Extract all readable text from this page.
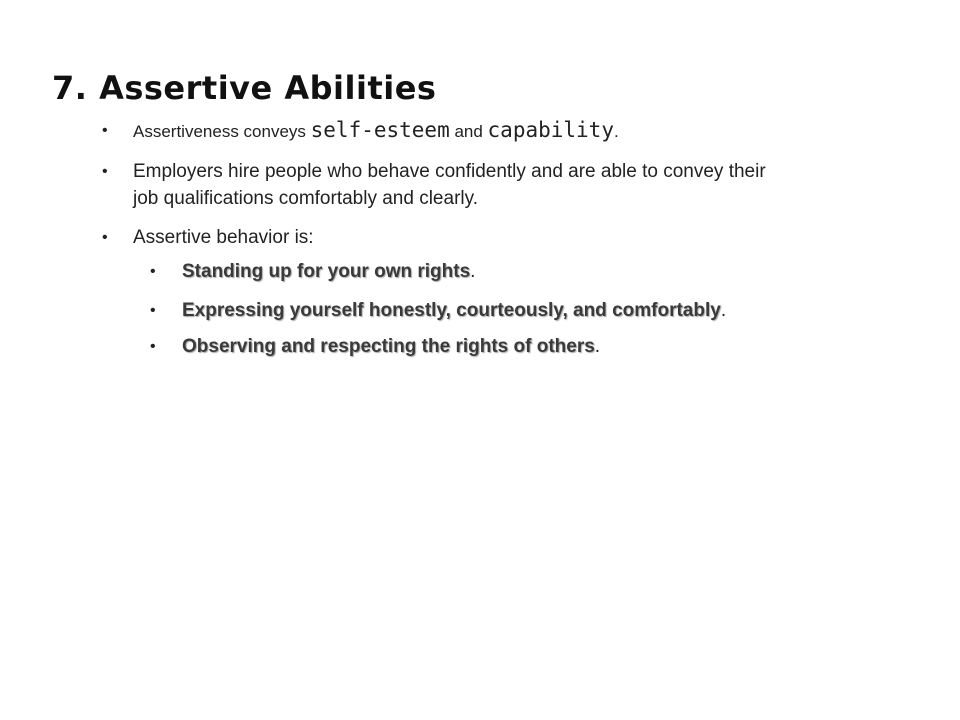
7. Assertive Abilities
• Assertiveness conveys self-esteem and capability.
• Employers hire people who behave confidently and are able to convey their
job qualifications comfortably and clearly.
• Assertive behavior is:
• Standing up for your own rights.
• Expressing yourself honestly, courteously, and comfortably.
• Observing and respecting the rights of others.
